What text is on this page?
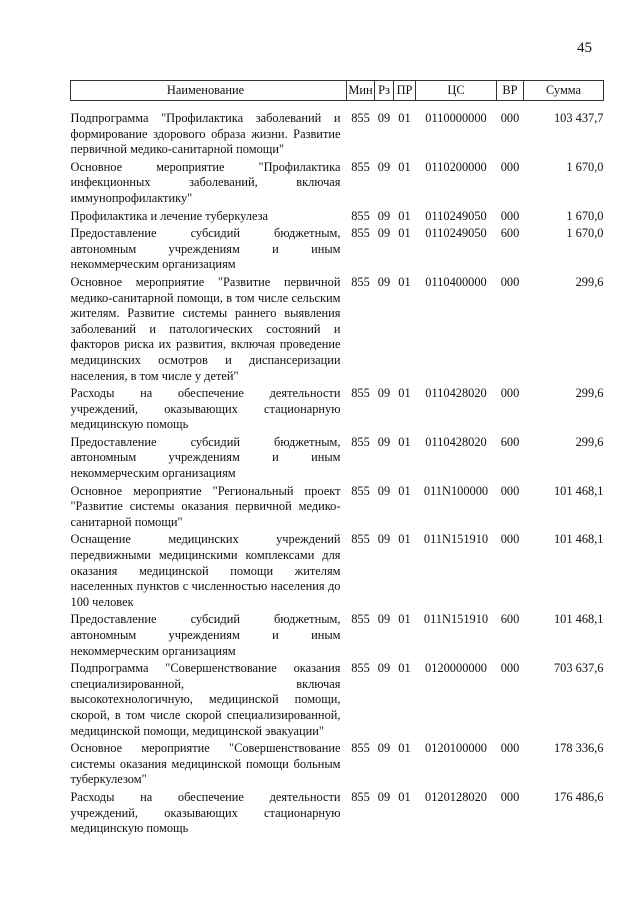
45
Наименование	Мин	Рз	ПР	ЦС	ВР	Сумма

Подпрограмма "Профилактика заболеваний и формирование здорового образа жизни. Развитие первичной медико-санитарной помощи"	855	09	01	0110000000	000	103 437,7
Основное мероприятие "Профилактика инфекционных заболеваний, включая иммунопрофилактику"	855	09	01	0110200000	000	1 670,0
Профилактика и лечение туберкулеза	855	09	01	0110249050	000	1 670,0
Предоставление субсидий бюджетным, автономным учреждениям и иным некоммерческим организациям	855	09	01	0110249050	600	1 670,0
Основное мероприятие "Развитие первичной медико-санитарной помощи, в том числе сельским жителям. Развитие системы раннего выявления заболеваний и патологических состояний и факторов риска их развития, включая проведение медицинских осмотров и диспансеризации населения, в том числе у детей"	855	09	01	0110400000	000	299,6
Расходы на обеспечение деятельности учреждений, оказывающих стационарную медицинскую помощь	855	09	01	0110428020	000	299,6
Предоставление субсидий бюджетным, автономным учреждениям и иным некоммерческим организациям	855	09	01	0110428020	600	299,6
Основное мероприятие "Региональный проект "Развитие системы оказания первичной медико-санитарной помощи"	855	09	01	011N100000	000	101 468,1
Оснащение медицинских учреждений передвижными медицинскими комплексами для оказания медицинской помощи жителям населенных пунктов с численностью населения до 100 человек	855	09	01	011N151910	000	101 468,1
Предоставление субсидий бюджетным, автономным учреждениям и иным некоммерческим организациям	855	09	01	011N151910	600	101 468,1
Подпрограмма "Совершенствование оказания специализированной, включая высокотехнологичную, медицинской помощи, скорой, в том числе скорой специализированной, медицинской помощи, медицинской эвакуации"	855	09	01	0120000000	000	703 637,6
Основное мероприятие "Совершенствование системы оказания медицинской помощи больным туберкулезом"	855	09	01	0120100000	000	178 336,6
Расходы на обеспечение деятельности учреждений, оказывающих стационарную медицинскую помощь	855	09	01	0120128020	000	176 486,6
